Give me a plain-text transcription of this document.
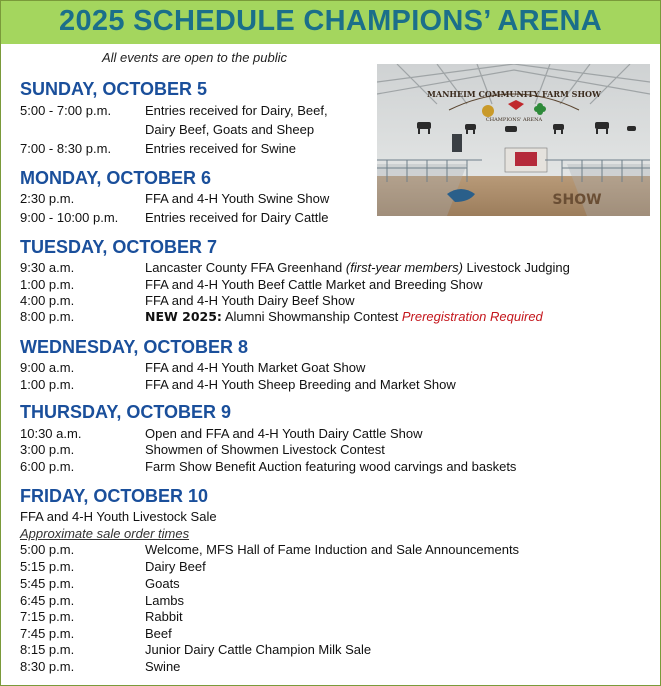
2025 SCHEDULE CHAMPIONS’ ARENA
All events are open to the public
MANHEIM COMMUNITY FARM SHOW
CHAMPIONS' ARENA
SHOW
SUNDAY, OCTOBER 5
5:00 - 7:00 p.m.	Entries received for Dairy, Beef,
Dairy Beef, Goats and Sheep
7:00 - 8:30 p.m.	Entries received for Swine
MONDAY, OCTOBER 6
2:30 p.m.	FFA and 4-H Youth Swine Show
9:00 - 10:00 p.m.	Entries received for Dairy Cattle
TUESDAY, OCTOBER 7
9:30 a.m.	Lancaster County FFA Greenhand (first-year members) Livestock Judging
1:00 p.m.	FFA and 4-H Youth Beef Cattle Market and Breeding Show
4:00 p.m.	FFA and 4-H Youth Dairy Beef Show
8:00 p.m.	NEW 2025: Alumni Showmanship Contest Preregistration Required
WEDNESDAY, OCTOBER 8
9:00 a.m.	FFA and 4-H Youth Market Goat Show
1:00 p.m.	FFA and 4-H Youth Sheep Breeding and Market Show
THURSDAY, OCTOBER 9
10:30 a.m.	Open and FFA and 4-H Youth Dairy Cattle Show
3:00 p.m.	Showmen of Showmen Livestock Contest
6:00 p.m.	Farm Show Benefit Auction featuring wood carvings and baskets
FRIDAY, OCTOBER 10
FFA and 4-H Youth Livestock Sale
Approximate sale order times
5:00 p.m.	Welcome, MFS Hall of Fame Induction and Sale Announcements
5:15 p.m.	Dairy Beef
5:45 p.m.	Goats
6:45 p.m.	Lambs
7:15 p.m.	Rabbit
7:45 p.m.	Beef
8:15 p.m.	Junior Dairy Cattle Champion Milk Sale
8:30 p.m.	Swine
